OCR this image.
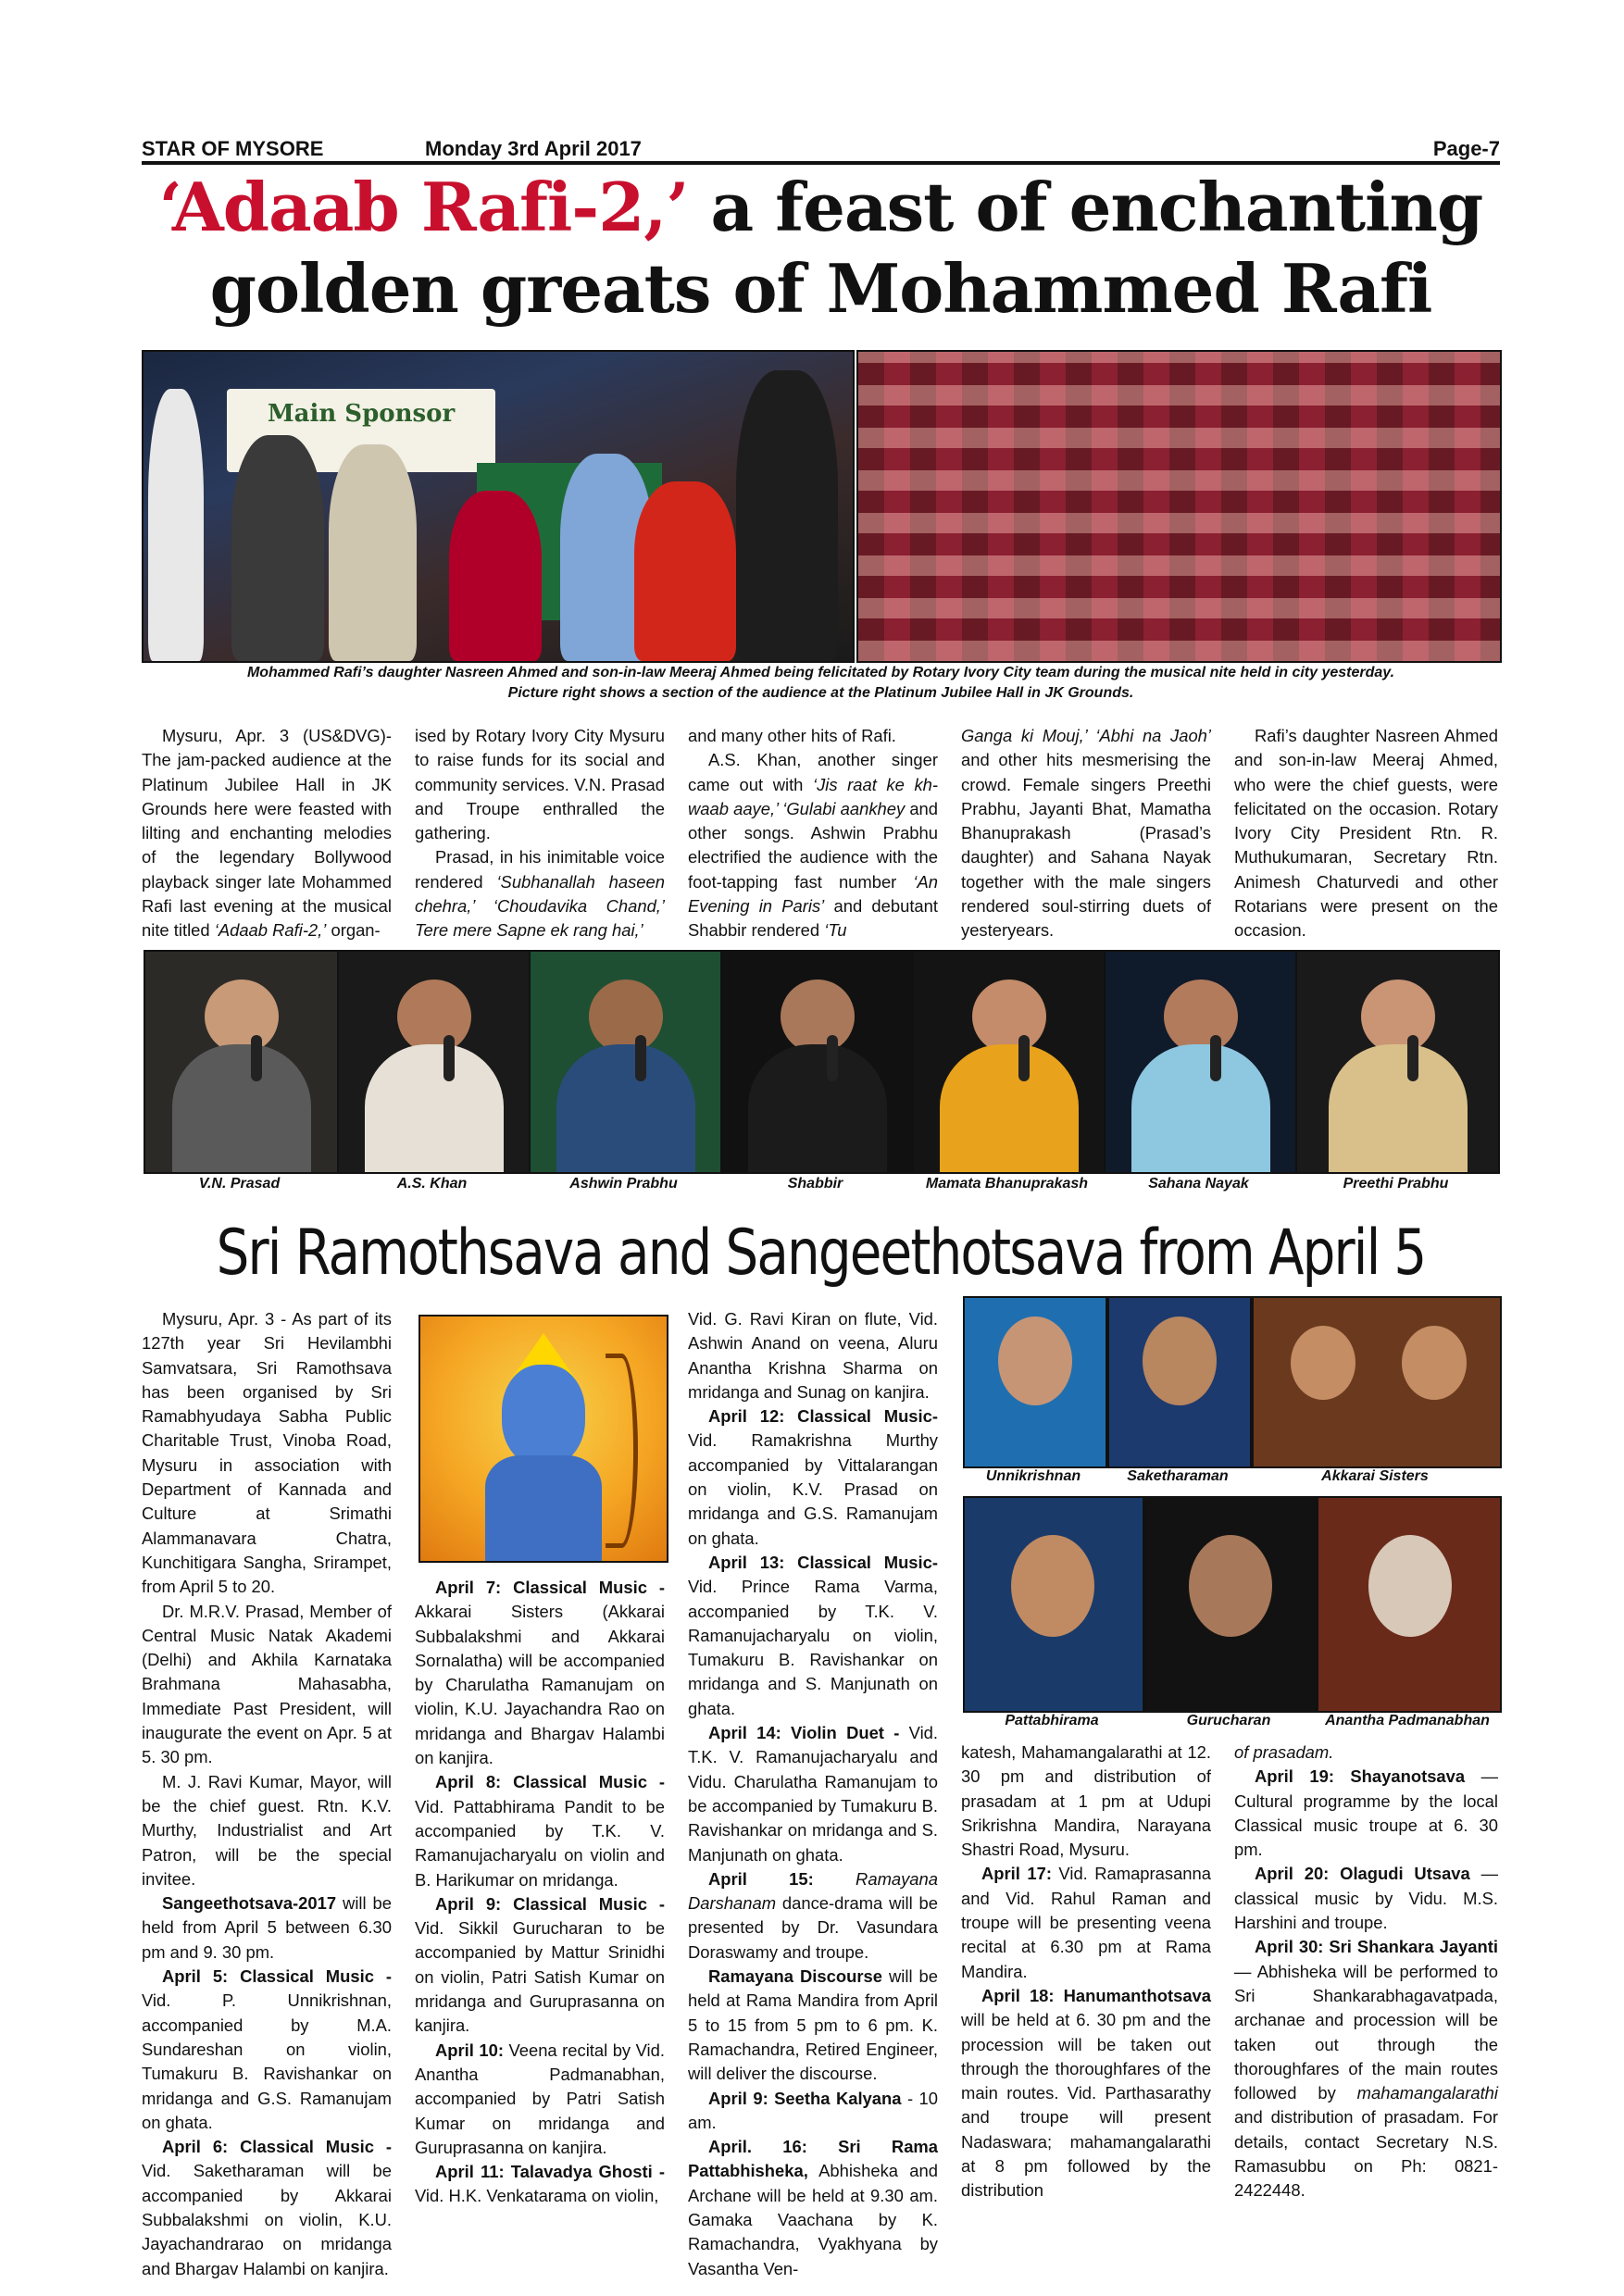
STAR OF MYSORE	Monday 3rd April 2017	Page-7
‘Adaab Rafi-2,’ a feast of enchanting golden greats of Mohammed Rafi
Main Sponsor
Mohammed Rafi’s daughter Nasreen Ahmed and son-in-law Meeraj Ahmed being felicitated by Rotary Ivory City team during the musical nite held in city yesterday.
Picture right shows a section of the audience at the Platinum Jubilee Hall in JK Grounds.

Mysuru, Apr. 3 (US&DVG)- The jam-packed audience at the Platinum Jubilee Hall in JK Grounds here were feasted with lilting and enchanting melodies of the legendary Bollywood playback singer late Mohammed Rafi last evening at the musical nite titled ‘Adaab Rafi-2,’ organ-

ised by Rotary Ivory City Mysuru to raise funds for its social and community services. V.N. Prasad and Troupe enthralled the gathering.

Prasad, in his inimitable voice rendered ‘Subhanallah haseen chehra,’ ‘Choudavika Chand,’ Tere mere Sapne ek rang hai,’

and many other hits of Rafi.

A.S. Khan, another singer came out with ‘Jis raat ke kh-waab aaye,’ ‘Gulabi aankhey and other songs. Ashwin Prabhu electrified the audience with the foot-tapping fast number ‘An Evening in Paris’ and debutant Shabbir rendered ‘Tu

Ganga ki Mouj,’ ‘Abhi na Jaoh’ and other hits mesmerising the crowd. Female singers Preethi Prabhu, Jayanti Bhat, Mamatha Bhanuprakash (Prasad’s daughter) and Sahana Nayak together with the male singers rendered soul-stirring duets of yesteryears.

Rafi’s daughter Nasreen Ahmed and son-in-law Meeraj Ahmed, who were the chief guests, were felicitated on the occasion. Rotary Ivory City President Rtn. R. Muthukumaran, Secretary Rtn. Animesh Chaturvedi and other Rotarians were present on the occasion.

V.N. Prasad	A.S. Khan	Ashwin Prabhu	Shabbir	Mamata Bhanuprakash	Sahana Nayak	Preethi Prabhu
Sri Ramothsava and Sangeethotsava from April 5

Mysuru, Apr. 3 - As part of its 127th year Sri Hevilambhi Samvatsara, Sri Ramothsava has been organised by Sri Ramabhyudaya Sabha Public Charitable Trust, Vinoba Road, Mysuru in association with Department of Kannada and Culture at Srimathi Alammanavara Chatra, Kunchitigara Sangha, Srirampet, from April 5 to 20.

Dr. M.R.V. Prasad, Member of Central Music Natak Akademi (Delhi) and Akhila Karnataka Brahmana Mahasabha, Immediate Past President, will inaugurate the event on Apr. 5 at 5. 30 pm.

M. J. Ravi Kumar, Mayor, will be the chief guest. Rtn. K.V. Murthy, Industrialist and Art Patron, will be the special invitee.

Sangeethotsava-2017 will be held from April 5 between 6.30 pm and 9. 30 pm.

April 5: Classical Music - Vid. P. Unnikrishnan, accompanied by M.A. Sundareshan on violin, Tumakuru B. Ravishankar on mridanga and G.S. Ramanujam on ghata.

April 6: Classical Music - Vid. Saketharaman will be accompanied by Akkarai Subbalakshmi on violin, K.U. Jayachandrarao on mridanga and Bhargav Halambi on kanjira.

April 7: Classical Music - Akkarai Sisters (Akkarai Subbalakshmi and Akkarai Sornalatha) will be accompanied by Charulatha Ramanujam on violin, K.U. Jayachandra Rao on mridanga and Bhargav Halambi on kanjira.

April 8: Classical Music - Vid. Pattabhirama Pandit to be accompanied by T.K. V. Ramanujacharyalu on violin and B. Harikumar on mridanga.

April 9: Classical Music - Vid. Sikkil Gurucharan to be accompanied by Mattur Srinidhi on violin, Patri Satish Kumar on mridanga and Guruprasanna on kanjira.

April 10: Veena recital by Vid. Anantha Padmanabhan, accompanied by Patri Satish Kumar on mridanga and Guruprasanna on kanjira.

April 11: Talavadya Ghosti - Vid. H.K. Venkatarama on violin,

Vid. G. Ravi Kiran on flute, Vid. Ashwin Anand on veena, Aluru Anantha Krishna Sharma on mridanga and Sunag on kanjira.

April 12: Classical Music- Vid. Ramakrishna Murthy accompanied by Vittalarangan on violin, K.V. Prasad on mridanga and G.S. Ramanujam on ghata.

April 13: Classical Music- Vid. Prince Rama Varma, accompanied by T.K. V. Ramanujacharyalu on violin, Tumakuru B. Ravishankar on mridanga and S. Manjunath on ghata.

April 14: Violin Duet - Vid. T.K. V. Ramanujacharyalu and Vidu. Charulatha Ramanujam to be accompanied by Tumakuru B. Ravishankar on mridanga and S. Manjunath on ghata.

April 15: Ramayana Darshanam dance-drama will be presented by Dr. Vasundara Doraswamy and troupe.

Ramayana Discourse will be held at Rama Mandira from April 5 to 15 from 5 pm to 6 pm. K. Ramachandra, Retired Engineer, will deliver the discourse.

April 9: Seetha Kalyana - 10 am.

April. 16: Sri Rama Pattabhisheka, Abhisheka and Archane will be held at 9.30 am. Gamaka Vaachana by K. Ramachandra, Vyakhyana by Vasantha Ven-

Unnikrishnan	Saketharaman	Akkarai Sisters
Pattabhirama	Gurucharan	Anantha Padmanabhan

katesh, Mahamangalarathi at 12. 30 pm and distribution of prasadam at 1 pm at Udupi Srikrishna Mandira, Narayana Shastri Road, Mysuru.

April 17: Vid. Ramaprasanna and Vid. Rahul Raman and troupe will be presenting veena recital at 6.30 pm at Rama Mandira.

April 18: Hanumanthotsava will be held at 6. 30 pm and the procession will be taken out through the thoroughfares of the main routes. Vid. Parthasarathy and troupe will present Nadaswara; mahamangalarathi at 8 pm followed by the distribution

of prasadam.

April 19: Shayanotsava — Cultural programme by the local Classical music troupe at 6. 30 pm.

April 20: Olagudi Utsava — classical music by Vidu. M.S. Harshini and troupe.

April 30: Sri Shankara Jayanti — Abhisheka will be performed to Sri Shankarabhagavatpada, archanae and procession will be taken out through the thoroughfares of the main routes followed by mahamangalarathi and distribution of prasadam. For details, contact Secretary N.S. Ramasubbu on Ph: 0821- 2422448.
